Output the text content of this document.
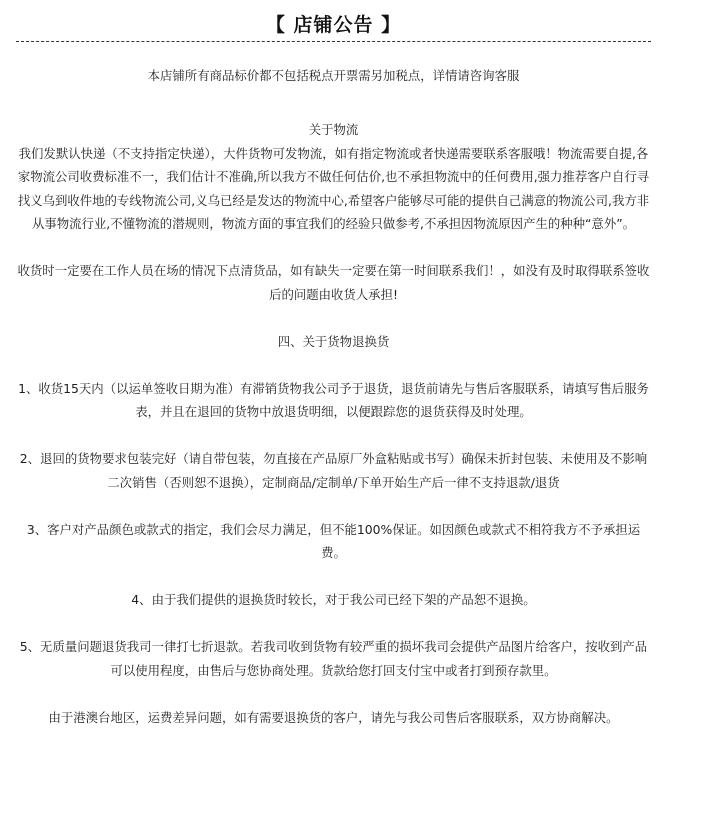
【 店铺公告 】

本店铺所有商品标价都不包括税点开票需另加税点，详情请咨询客服

关于物流

我们发默认快递（不支持指定快递），大件货物可发物流，如有指定物流或者快递需要联系客服哦！物流需要自提,各家物流公司收费标准不一，我们估计不准确,所以我方不做任何估价,也不承担物流中的任何费用,强力推荐客户自行寻找义乌到收件地的专线物流公司,义乌已经是发达的物流中心,希望客户能够尽可能的提供自己满意的物流公司,我方非从事物流行业,不懂物流的潜规则，物流方面的事宜我们的经验只做参考,不承担因物流原因产生的种种“意外”。

收货时一定要在工作人员在场的情况下点清货品，如有缺失一定要在第一时间联系我们！，如没有及时取得联系签收后的问题由收货人承担!

四、关于货物退换货

1、收货15天内（以运单签收日期为准）有滞销货物我公司予于退货，退货前请先与售后客服联系，请填写售后服务表，并且在退回的货物中放退货明细，以便跟踪您的退货获得及时处理。

2、退回的货物要求包装完好（请自带包装，勿直接在产品原厂外盒粘贴或书写）确保未折封包装、未使用及不影响二次销售（否则恕不退换），定制商品/定制单/下单开始生产后一律不支持退款/退货

3、客户对产品颜色或款式的指定，我们会尽力满足，但不能100%保证。如因颜色或款式不相符我方不予承担运费。

4、由于我们提供的退换货时较长，对于我公司已经下架的产品恕不退换。

5、无质量问题退货我司一律打七折退款。若我司收到货物有较严重的损坏我司会提供产品图片给客户，按收到产品可以使用程度，由售后与您协商处理。货款给您打回支付宝中或者打到预存款里。

由于港澳台地区，运费差异问题，如有需要退换货的客户，请先与我公司售后客服联系，双方协商解决。
